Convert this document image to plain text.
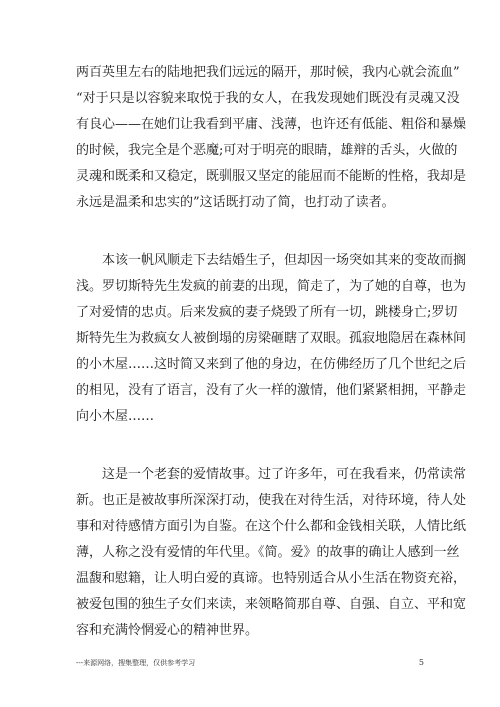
两百英里左右的陆地把我们远远的隔开，那时候，我内心就会流血”

“对于只是以容貌来取悦于我的女人，在我发现她们既没有灵魂又没

有良心——在她们让我看到平庸、浅薄，也许还有低能、粗俗和暴燥

的时候，我完全是个恶魔;可对于明亮的眼睛，雄辩的舌头，火做的

灵魂和既柔和又稳定，既驯服又坚定的能屈而不能断的性格，我却是

永远是温柔和忠实的”这话既打动了简，也打动了读者。

本该一帆风顺走下去结婚生子，但却因一场突如其来的变故而搁

浅。罗切斯特先生发疯的前妻的出现，简走了，为了她的自尊，也为

了对爱情的忠贞。后来发疯的妻子烧毁了所有一切，跳楼身亡;罗切

斯特先生为救疯女人被倒塌的房梁砸瞎了双眼。孤寂地隐居在森林间

的小木屋……这时简又来到了他的身边，在仿佛经历了几个世纪之后

的相见，没有了语言，没有了火一样的激情，他们紧紧相拥，平静走

向小木屋……

这是一个老套的爱情故事。过了许多年，可在我看来，仍常读常

新。也正是被故事所深深打动，使我在对待生活，对待环境，待人处

事和对待感情方面引为自鉴。在这个什么都和金钱相关联，人情比纸

薄，人称之没有爱情的年代里。《简。爱》的故事的确让人感到一丝

温馥和慰籍，让人明白爱的真谛。也特别适合从小生活在物资充裕，

被爱包围的独生子女们来读，来领略简那自尊、自强、自立、平和宽

容和充满怜惘爱心的精神世界。

---来源网络，搜集整理，仅供参考学习	5
